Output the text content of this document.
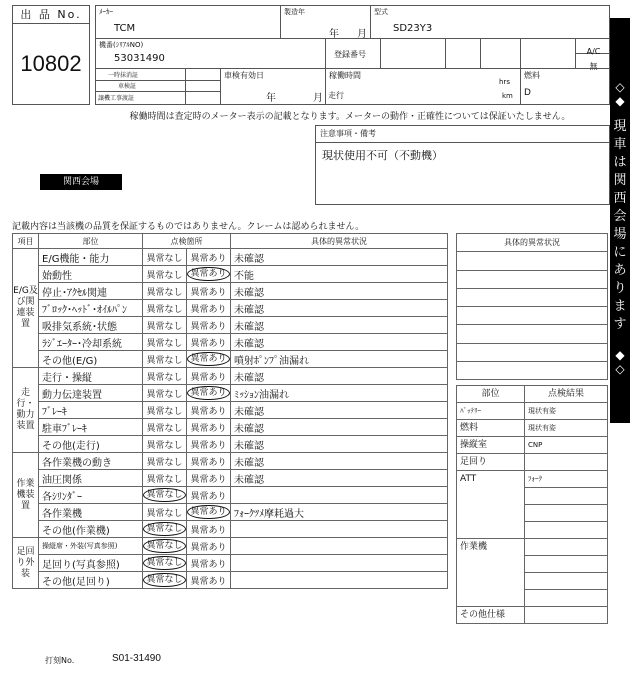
出 品 No.
10802
ﾒｰｶｰ
TCM
製造年
年 月
型式
SD23Y3
機番(ｼﾘｱﾙNO)
53031490	登録番号	A/C
無
一時抹消証
車検証
譲機工事渡証
車検有効日
年	月
稼働時間
hrs
走行	km
燃料
D
稼働時間は査定時のメーター表示の記載となります。メーターの動作・正確性については保証いたしません。
注意事項・備考
現状使用不可（不動機）
関西会場
記載内容は当該機の品質を保証するものではありません。クレームは認められません。
項目	部位	点検箇所		具体的異常状況
E/G及び関連装置	E/G機能・能力	異常なし	異常あり	未確認
	始動性	異常なし	異常あり	不能
	停止･ｱｸｾﾙ関連	異常なし	異常あり	未確認
	ﾌﾞﾛｯｸ･ﾍｯﾄﾞ･ｵｲﾙﾊﾟﾝ	異常なし	異常あり	未確認
	吸排気系統･状態	異常なし	異常あり	未確認
	ﾗｼﾞｴｰﾀｰ･冷却系統	異常なし	異常あり	未確認
	その他(E/G)	異常なし	異常あり	噴射ﾎﾟﾝﾌﾟ油漏れ
走行・動力装置	走行・操縦	異常なし	異常あり	未確認
	動力伝達装置	異常なし	異常あり	ﾐｯｼｮﾝ油漏れ
	ﾌﾞﾚｰｷ	異常なし	異常あり	未確認
	駐車ﾌﾞﾚｰｷ	異常なし	異常あり	未確認
	その他(走行)	異常なし	異常あり	未確認
作業機装置	各作業機の動き	異常なし	異常あり	未確認
	油圧関係	異常なし	異常あり	未確認
	各ｼﾘﾝﾀﾞｰ	異常なし	異常あり	
	各作業機	異常なし	異常あり	ﾌｫｰｸﾂﾒ摩耗過大
	その他(作業機)	異常なし	異常あり	
足回り外装	操縦席・外装(写真参照)	異常なし	異常あり	
	足回り(写真参照)	異常なし	異常あり	
	その他(足回り)	異常なし	異常あり	
具体的異常状況

部位	点検結果
ﾊﾞｯﾃﾘｰ	現状有姿
燃料	現状有姿
操縦室	CNP
足回り	
ATT	ﾌｫｰｸ

作業機	

その他仕様	
◇
◆
現車は関西会場にあります
◆
◇
打刻No.	S01-31490
